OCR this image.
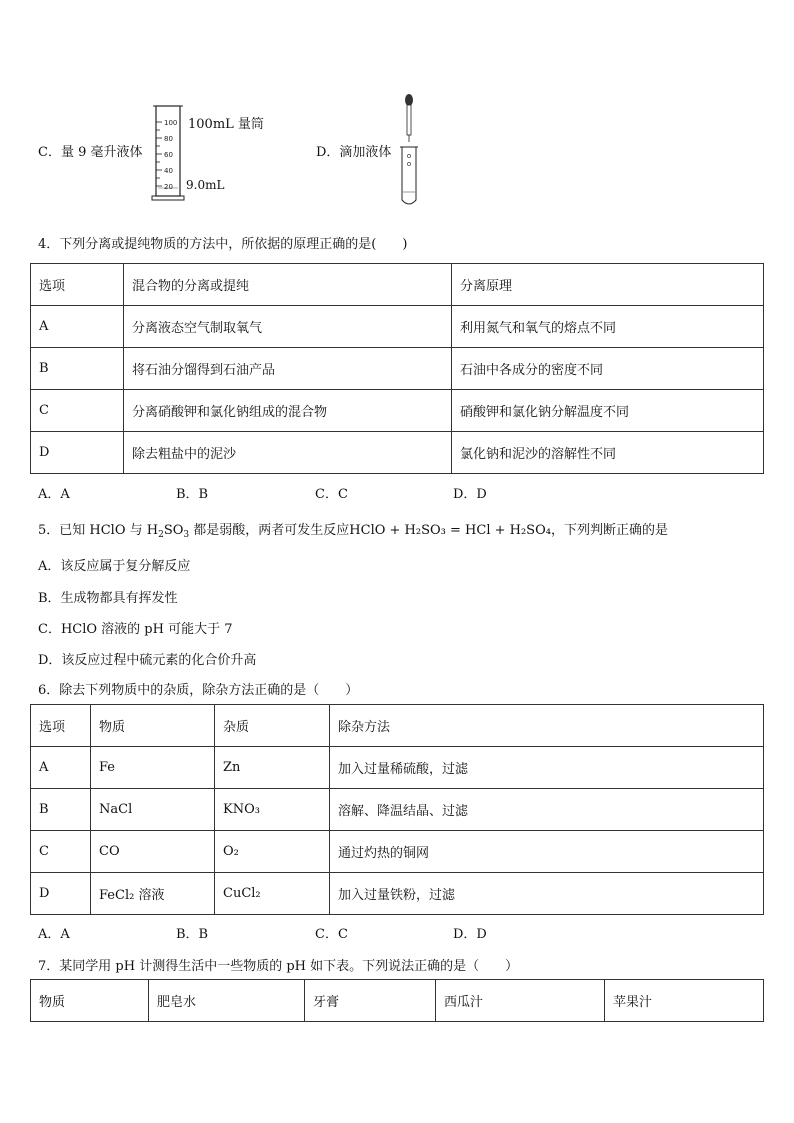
C．量 9 毫升液体
100
80
60
40
20
100mL 量筒
9.0mL
D．滴加液体
4．下列分离或提纯物质的方法中，所依据的原理正确的是(　　)
选项	混合物的分离或提纯	分离原理
A	分离液态空气制取氧气	利用氮气和氧气的熔点不同
B	将石油分馏得到石油产品	石油中各成分的密度不同
C	分离硝酸钾和氯化钠组成的混合物	硝酸钾和氯化钠分解温度不同
D	除去粗盐中的泥沙	氯化钠和泥沙的溶解性不同
A．A	B．B	C．C	D．D
5．已知 HClO 与 $H_2SO_3$ 都是弱酸，两者可发生反应HClO + H₂SO₃ = HCl + H₂SO₄，下列判断正确的是
A．该反应属于复分解反应
B．生成物都具有挥发性
C．HClO 溶液的 pH 可能大于 7
D．该反应过程中硫元素的化合价升高
6．除去下列物质中的杂质，除杂方法正确的是（　　）
选项	物质	杂质	除杂方法
A	Fe	Zn	加入过量稀硫酸，过滤
B	NaCl	KNO₃	溶解、降温结晶、过滤
C	CO	O₂	通过灼热的铜网
D	FeCl₂ 溶液	CuCl₂	加入过量铁粉，过滤
A．A	B．B	C．C	D．D
7．某同学用 pH 计测得生活中一些物质的 pH 如下表。下列说法正确的是（　　）
物质	肥皂水	牙膏	西瓜汁	苹果汁
